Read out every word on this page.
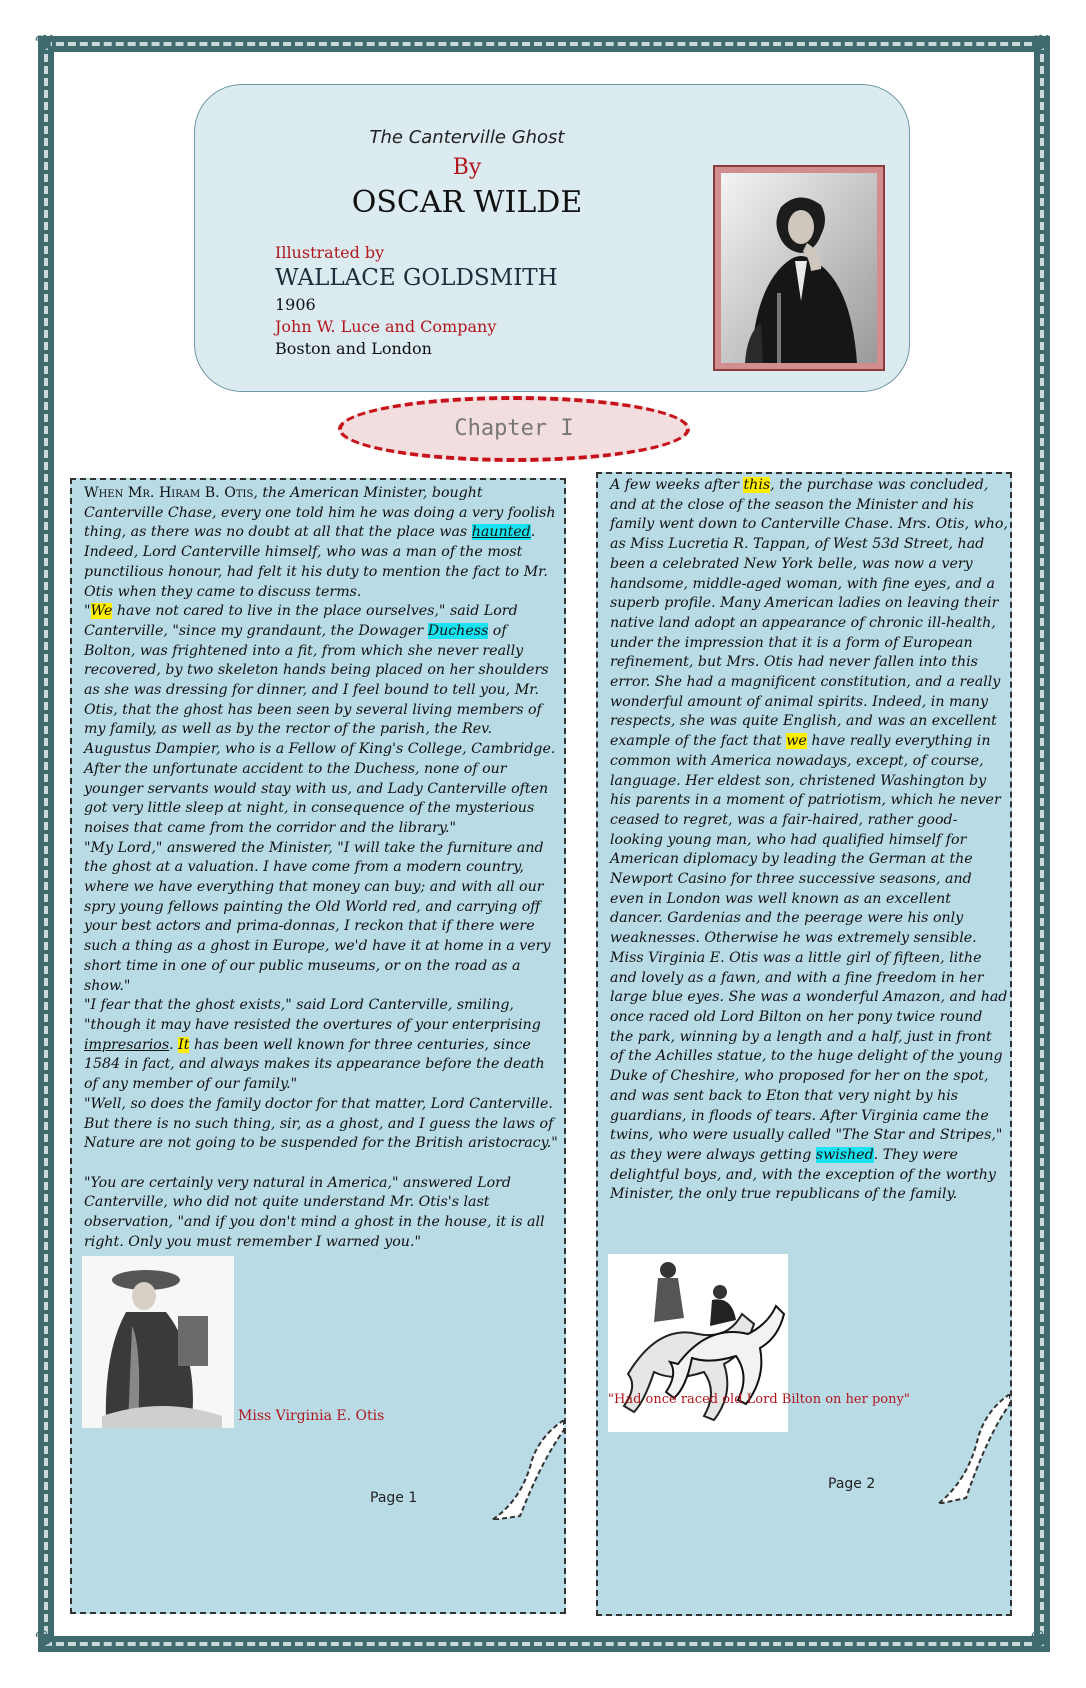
❦	❦
❦	❦
The Canterville Ghost
By
OSCAR WILDE
Illustrated by
WALLACE GOLDSMITH
1906
John W. Luce and Company
Boston and London
Chapter I

When Mr. Hiram B. Otis, the American Minister, bought Canterville Chase, every one told him he was doing a very foolish thing, as there was no doubt at all that the place was haunted. Indeed, Lord Canterville himself, who was a man of the most punctilious honour, had felt it his duty to mention the fact to Mr. Otis when they came to discuss terms.

"We have not cared to live in the place ourselves," said Lord Canterville, "since my grandaunt, the Dowager Duchess of Bolton, was frightened into a fit, from which she never really recovered, by two skeleton hands being placed on her shoulders as she was dressing for dinner, and I feel bound to tell you, Mr. Otis, that the ghost has been seen by several living members of my family, as well as by the rector of the parish, the Rev. Augustus Dampier, who is a Fellow of King's College, Cambridge. After the unfortunate accident to the Duchess, none of our younger servants would stay with us, and Lady Canterville often got very little sleep at night, in consequence of the mysterious noises that came from the corridor and the library."

"My Lord," answered the Minister, "I will take the furniture and the ghost at a valuation. I have come from a modern country, where we have everything that money can buy; and with all our spry young fellows painting the Old World red, and carrying off your best actors and prima-donnas, I reckon that if there were such a thing as a ghost in Europe, we'd have it at home in a very short time in one of our public museums, or on the road as a show."

"I fear that the ghost exists," said Lord Canterville, smiling, "though it may have resisted the overtures of your enterprising impresarios. It has been well known for three centuries, since 1584 in fact, and always makes its appearance before the death of any member of our family."

"Well, so does the family doctor for that matter, Lord Canterville. But there is no such thing, sir, as a ghost, and I guess the laws of Nature are not going to be suspended for the British aristocracy."

"You are certainly very natural in America," answered Lord Canterville, who did not quite understand Mr. Otis's last observation, "and if you don't mind a ghost in the house, it is all right. Only you must remember I warned you."

Miss Virginia E. Otis
Page 1

A few weeks after this, the purchase was concluded, and at the close of the season the Minister and his family went down to Canterville Chase. Mrs. Otis, who, as Miss Lucretia R. Tappan, of West 53d Street, had been a celebrated New York belle, was now a very handsome, middle-aged woman, with fine eyes, and a superb profile. Many American ladies on leaving their native land adopt an appearance of chronic ill-health, under the impression that it is a form of European refinement, but Mrs. Otis had never fallen into this error. She had a magnificent constitution, and a really wonderful amount of animal spirits. Indeed, in many respects, she was quite English, and was an excellent example of the fact that we have really everything in common with America nowadays, except, of course, language. Her eldest son, christened Washington by his parents in a moment of patriotism, which he never ceased to regret, was a fair-haired, rather good-looking young man, who had qualified himself for American diplomacy by leading the German at the Newport Casino for three successive seasons, and even in London was well known as an excellent dancer. Gardenias and the peerage were his only weaknesses. Otherwise he was extremely sensible. Miss Virginia E. Otis was a little girl of fifteen, lithe and lovely as a fawn, and with a fine freedom in her large blue eyes. She was a wonderful Amazon, and had once raced old Lord Bilton on her pony twice round the park, winning by a length and a half, just in front of the Achilles statue, to the huge delight of the young Duke of Cheshire, who proposed for her on the spot, and was sent back to Eton that very night by his guardians, in floods of tears. After Virginia came the twins, who were usually called "The Star and Stripes," as they were always getting swished. They were delightful boys, and, with the exception of the worthy Minister, the only true republicans of the family.

"Had once raced old Lord Bilton on her pony"
Page 2
